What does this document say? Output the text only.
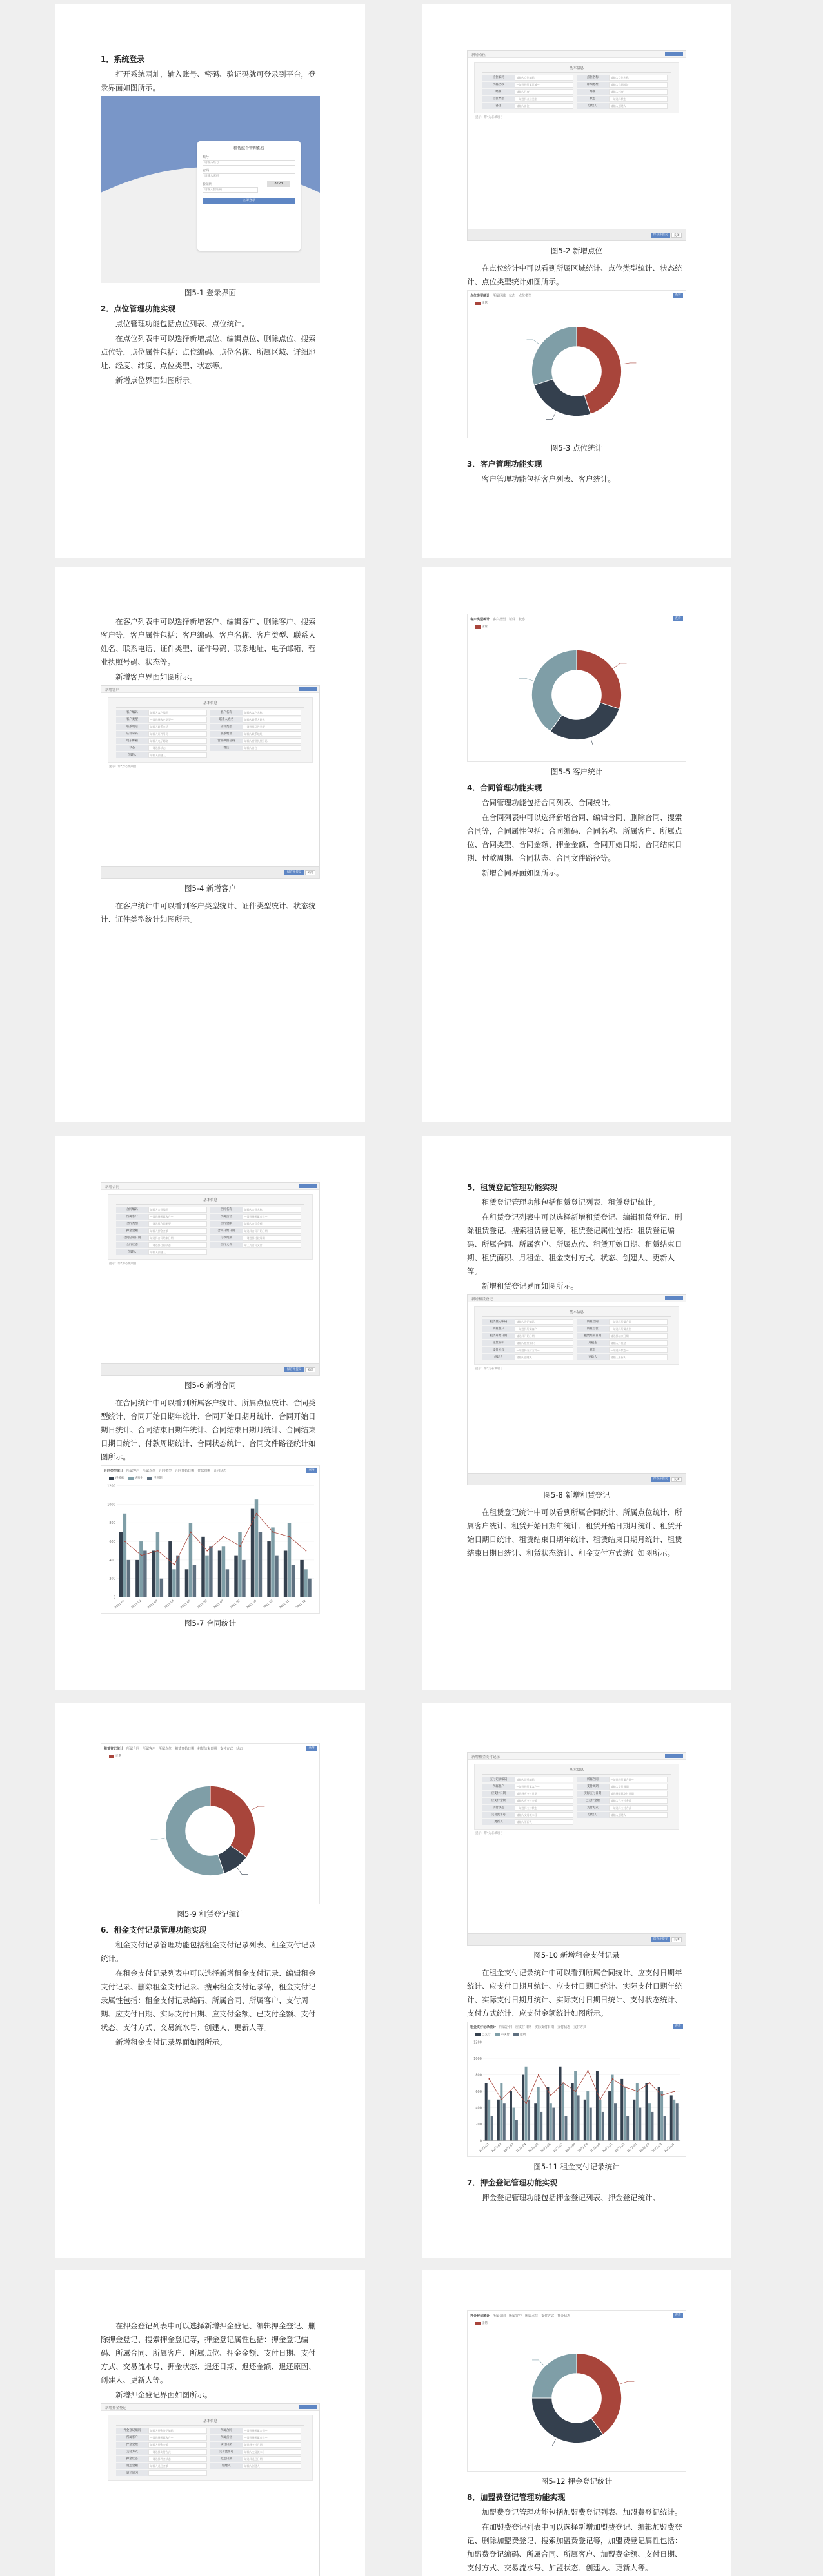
1．系统登录
打开系统网址，输入账号、密码、验证码就可登录到平台，登录界面如图所示。
租赁综合管理系统
账号
请输入账号
密码
请输入密码
验证码
请输入验证码
8Z23
立即登录
图5-1 登录界面
2．点位管理功能实现
点位管理功能包括点位列表、点位统计。
在点位列表中可以选择新增点位、编辑点位、删除点位、搜索点位等，点位属性包括：点位编码、点位名称、所属区域、详细地址、经度、纬度、点位类型、状态等。
新增点位界面如图所示。
新增点位
基本信息
点位编码	请输入点位编码	点位名称	请输入点位名称
所属区域	—请选择所属区域—	详细地址	请输入详细地址
经度	请输入经度	纬度	请输入纬度
点位类型	—请选择点位类型—	状态	—请选择状态—
备注	请输入备注	创建人	请输入创建人
提示：带*为必填项目
保存并提交	关闭
图5-2 新增点位
在点位统计中可以看到所属区域统计、点位类型统计、状态统计、点位类型统计如图所示。
点位类型统计 所属区域 状态 点位类型	查询
正常
图5-3 点位统计
3．客户管理功能实现
客户管理功能包括客户列表、客户统计。
在客户列表中可以选择新增客户、编辑客户、删除客户、搜索客户等，客户属性包括：客户编码、客户名称、客户类型、联系人姓名、联系电话、证件类型、证件号码、联系地址、电子邮箱、营业执照号码、状态等。
新增客户界面如图所示。
新增客户
基本信息
客户编码	请输入客户编码	客户名称	请输入客户名称
客户类型	—请选择客户类型—	联系人姓名	请输入联系人姓名
联系电话	请输入联系电话	证件类型	—请选择证件类型—
证件号码	请输入证件号码	联系地址	请输入联系地址
电子邮箱	请输入电子邮箱	营业执照号码	请输入营业执照号码
状态	—请选择状态—	备注	请输入备注
创建人	请输入创建人
提示：带*为必填项目
保存并提交	关闭
图5-4 新增客户
在客户统计中可以看到客户类型统计、证件类型统计、状态统计、证件类型统计如图所示。
客户类型统计 客户类型 证件 状态	查询
正常
图5-5 客户统计
4．合同管理功能实现
合同管理功能包括合同列表、合同统计。
在合同列表中可以选择新增合同、编辑合同、删除合同、搜索合同等，合同属性包括：合同编码、合同名称、所属客户、所属点位、合同类型、合同金额、押金金额、合同开始日期、合同结束日期、付款周期、合同状态、合同文件路径等。
新增合同界面如图所示。
新增合同
基本信息
合同编码	请输入合同编码	合同名称	请输入合同名称
所属客户	—请选择所属客户—	所属点位	—请选择所属点位—
合同类型	—请选择合同类型—	合同金额	请输入合同金额
押金金额	请输入押金金额	合同开始日期	请选择合同开始日期
合同结束日期	请选择合同结束日期	付款周期	—请选择付款周期—
合同状态	—请选择合同状态—	合同文件	请上传合同文件
创建人	请输入创建人
提示：带*为必填项目
保存并提交	关闭
图5-6 新增合同
在合同统计中可以看到所属客户统计、所属点位统计、合同类型统计、合同开始日期年统计、合同开始日期月统计、合同开始日期日统计、合同结束日期年统计、合同结束日期月统计、合同结束日期日统计、付款周期统计、合同状态统计、合同文件路径统计如图所示。
合同类型统计 所属客户 所属点位 合同类型 合同开始日期 付款周期 合同状态	查询
已签约	执行中	已到期
0
200
400
600
800
1000
1200
2021-01 2021-02 2021-03 2021-04 2021-05 2021-06 2021-07 2021-08 2021-09 2021-10 2021-11 2021-12
图5-7 合同统计
5．租赁登记管理功能实现
租赁登记管理功能包括租赁登记列表、租赁登记统计。
在租赁登记列表中可以选择新增租赁登记、编辑租赁登记、删除租赁登记、搜索租赁登记等，租赁登记属性包括：租赁登记编码、所属合同、所属客户、所属点位、租赁开始日期、租赁结束日期、租赁面积、月租金、租金支付方式、状态、创建人、更新人等。
新增租赁登记界面如图所示。
新增租赁登记
基本信息
租赁登记编码	请输入登记编码	所属合同	—请选择所属合同—
所属客户	—请选择所属客户—	所属点位	—请选择所属点位—
租赁开始日期	请选择开始日期	租赁结束日期	请选择结束日期
租赁面积	请输入租赁面积	月租金	请输入月租金
支付方式	—请选择支付方式—	状态	—请选择状态—
创建人	请输入创建人	更新人	请输入更新人
提示：带*为必填项目
保存并提交	关闭
图5-8 新增租赁登记
在租赁登记统计中可以看到所属合同统计、所属点位统计、所属客户统计、租赁开始日期年统计、租赁开始日期月统计、租赁开始日期日统计、租赁结束日期年统计、租赁结束日期月统计、租赁结束日期日统计、租赁状态统计、租金支付方式统计如图所示。
租赁登记统计 所属合同 所属客户 所属点位 租赁开始日期 租赁结束日期 支付方式 状态	查询
正常
图5-9 租赁登记统计
6．租金支付记录管理功能实现
租金支付记录管理功能包括租金支付记录列表、租金支付记录统计。
在租金支付记录列表中可以选择新增租金支付记录、编辑租金支付记录、删除租金支付记录、搜索租金支付记录等，租金支付记录属性包括：租金支付记录编码、所属合同、所属客户、支付周期、应支付日期、实际支付日期、应支付金额、已支付金额、支付状态、支付方式、交易流水号、创建人、更新人等。
新增租金支付记录界面如图所示。
新增租金支付记录
基本信息
支付记录编码	请输入记录编码	所属合同	—请选择所属合同—
所属客户	—请选择所属客户—	支付周期	请输入支付周期
应支付日期	请选择应支付日期	实际支付日期	请选择实际支付日期
应支付金额	请输入应支付金额	已支付金额	请输入已支付金额
支付状态	—请选择支付状态—	支付方式	—请选择支付方式—
交易流水号	请输入交易流水号	创建人	请输入创建人
更新人	请输入更新人
提示：带*为必填项目
保存并提交	关闭
图5-10 新增租金支付记录
在租金支付记录统计中可以看到所属合同统计、应支付日期年统计、应支付日期月统计、应支付日期日统计、实际支付日期年统计、实际支付日期月统计、实际支付日期日统计、支付状态统计、支付方式统计、应支付金额统计如图所示。
租金支付记录统计 所属合同 应支付日期 实际支付日期 支付状态 支付方式	查询
已支付	未支付	逾期
0
200
400
600
800
1000
1200
2021-01 2021-02 2021-03 2021-04 2021-05 2021-06 2021-07 2021-08 2021-09 2021-10 2021-11 2021-12 2022-01 2022-02 2022-03 2022-04
图5-11 租金支付记录统计
7．押金登记管理功能实现
押金登记管理功能包括押金登记列表、押金登记统计。
在押金登记列表中可以选择新增押金登记、编辑押金登记、删除押金登记、搜索押金登记等，押金登记属性包括：押金登记编码、所属合同、所属客户、所属点位、押金金额、支付日期、支付方式、交易流水号、押金状态、退还日期、退还金额、退还原因、创建人、更新人等。
新增押金登记界面如图所示。
新增押金登记
基本信息
押金登记编码	请输入押金登记编码	所属合同	—请选择所属合同—
所属客户	—请选择所属客户—	所属点位	—请选择所属点位—
押金金额	请输入押金金额	支付日期	请选择支付日期
支付方式	—请选择支付方式—	交易流水号	请输入交易流水号
押金状态	—请选择押金状态—	退还日期	请选择退还日期
退还金额	请输入退还金额	创建人	请输入创建人
退还原因
押金登记统计 所属合同 所属客户 所属点位 支付方式 押金状态	查询
正常
图5-12 押金登记统计
8．加盟费登记管理功能实现
加盟费登记管理功能包括加盟费登记列表、加盟费登记统计。
在加盟费登记列表中可以选择新增加盟费登记、编辑加盟费登记、删除加盟费登记、搜索加盟费登记等，加盟费登记属性包括：加盟费登记编码、所属合同、所属客户、加盟费金额、支付日期、支付方式、交易流水号、加盟状态、创建人、更新人等。
